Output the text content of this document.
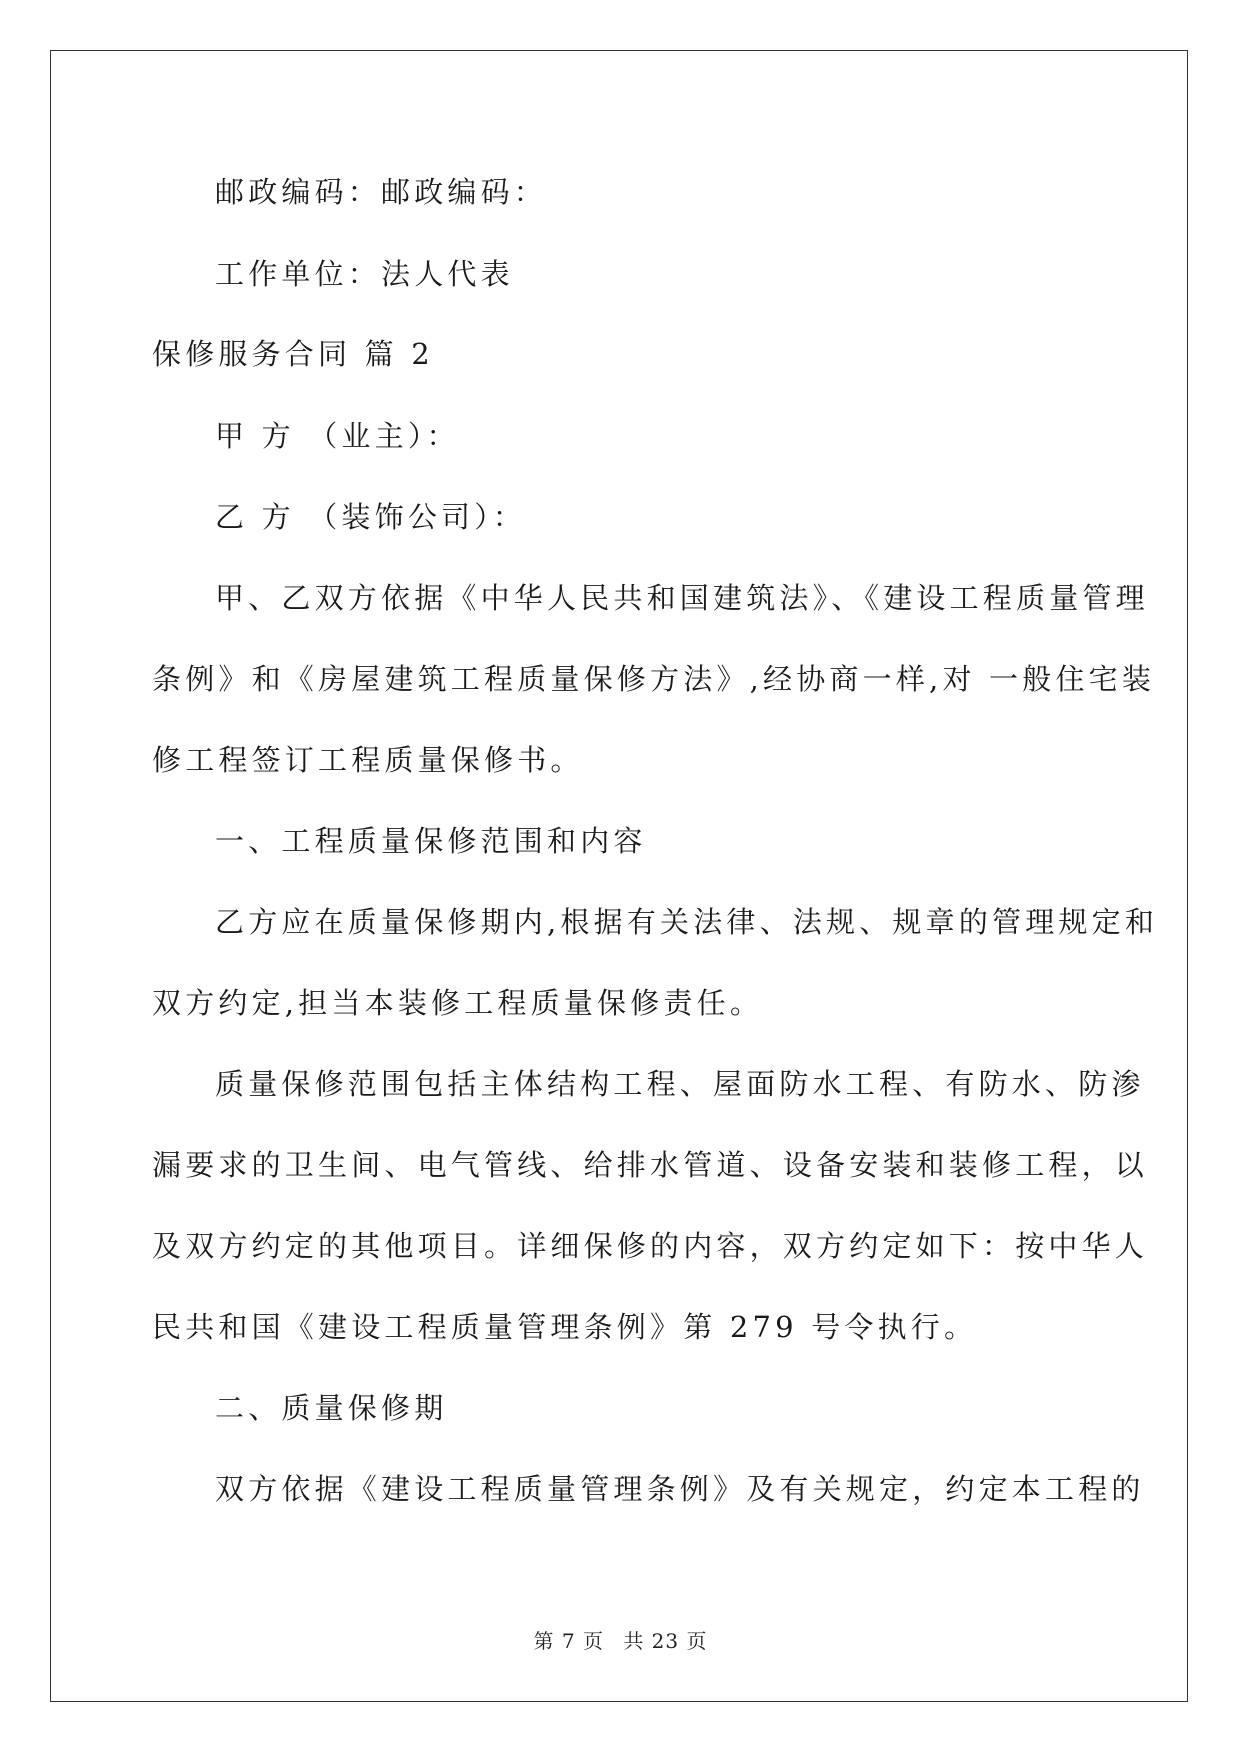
邮政编码：邮政编码：
工作单位：法人代表
保修服务合同 篇 2
甲 方 （业主）：
乙 方 （装饰公司）：
甲、乙双方依据《中华人民共和国建筑法》、《建设工程质量管理
条例》和《房屋建筑工程质量保修方法》,经协商一样,对 一般住宅装
修工程签订工程质量保修书。
一、工程质量保修范围和内容
乙方应在质量保修期内,根据有关法律、法规、规章的管理规定和
双方约定,担当本装修工程质量保修责任。
质量保修范围包括主体结构工程、屋面防水工程、有防水、防渗
漏要求的卫生间、电气管线、给排水管道、设备安装和装修工程，以
及双方约定的其他项目。详细保修的内容，双方约定如下：按中华人
民共和国《建设工程质量管理条例》第 279 号令执行。
二、质量保修期
双方依据《建设工程质量管理条例》及有关规定，约定本工程的
第 7 页 共 23 页
